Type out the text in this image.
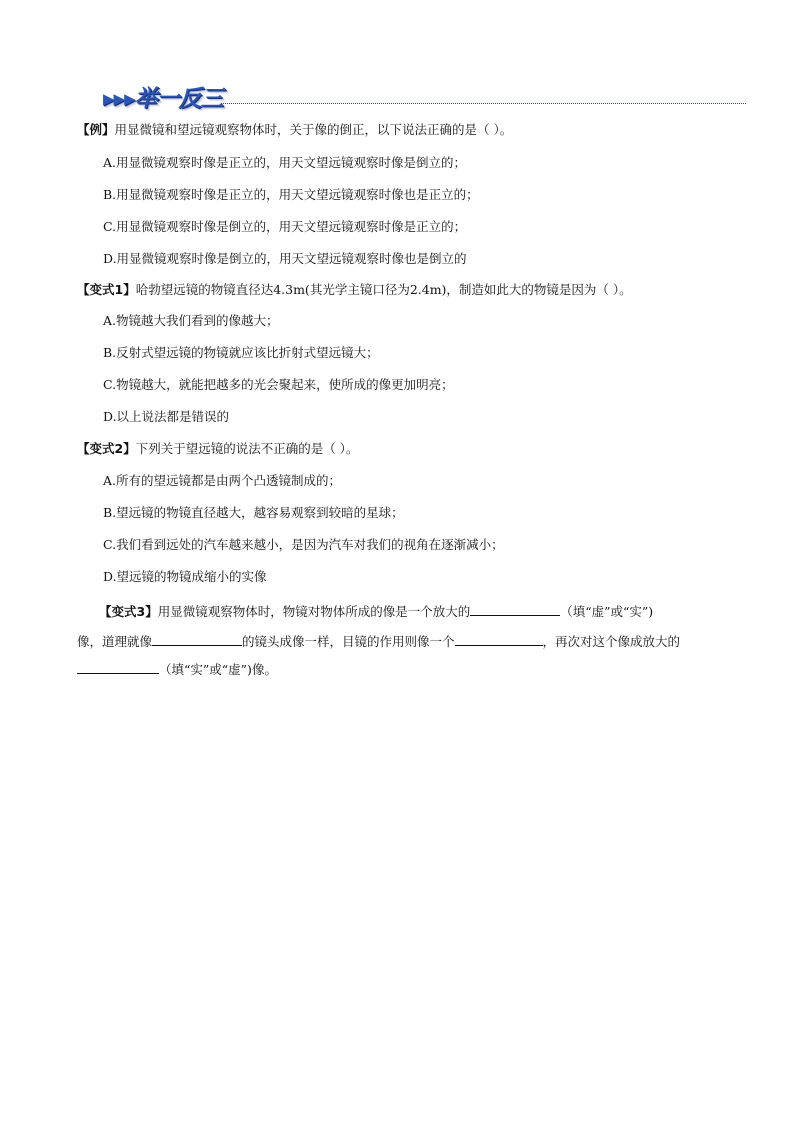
▸▸▸举一反三
【例】用显微镜和望远镜观察物体时，关于像的倒正，以下说法正确的是（ ）。
A.用显微镜观察时像是正立的，用天文望远镜观察时像是倒立的；
B.用显微镜观察时像是正立的，用天文望远镜观察时像也是正立的；
C.用显微镜观察时像是倒立的，用天文望远镜观察时像是正立的；
D.用显微镜观察时像是倒立的，用天文望远镜观察时像也是倒立的
【变式1】哈勃望远镜的物镜直径达4.3m(其光学主镜口径为2.4m)，制造如此大的物镜是因为（ ）。
A.物镜越大我们看到的像越大；
B.反射式望远镜的物镜就应该比折射式望远镜大；
C.物镜越大，就能把越多的光会聚起来，使所成的像更加明亮；
D.以上说法都是错误的
【变式2】下列关于望远镜的说法不正确的是（ ）。
A.所有的望远镜都是由两个凸透镜制成的；
B.望远镜的物镜直径越大，越容易观察到较暗的星球；
C.我们看到远处的汽车越来越小，是因为汽车对我们的视角在逐渐减小；
D.望远镜的物镜成缩小的实像
【变式3】用显微镜观察物体时，物镜对物体所成的像是一个放大的	（填“虚”或“实”)
像，道理就像	的镜头成像一样，目镜的作用则像一个	，再次对这个像成放大的
（填“实”或“虚”)像。
